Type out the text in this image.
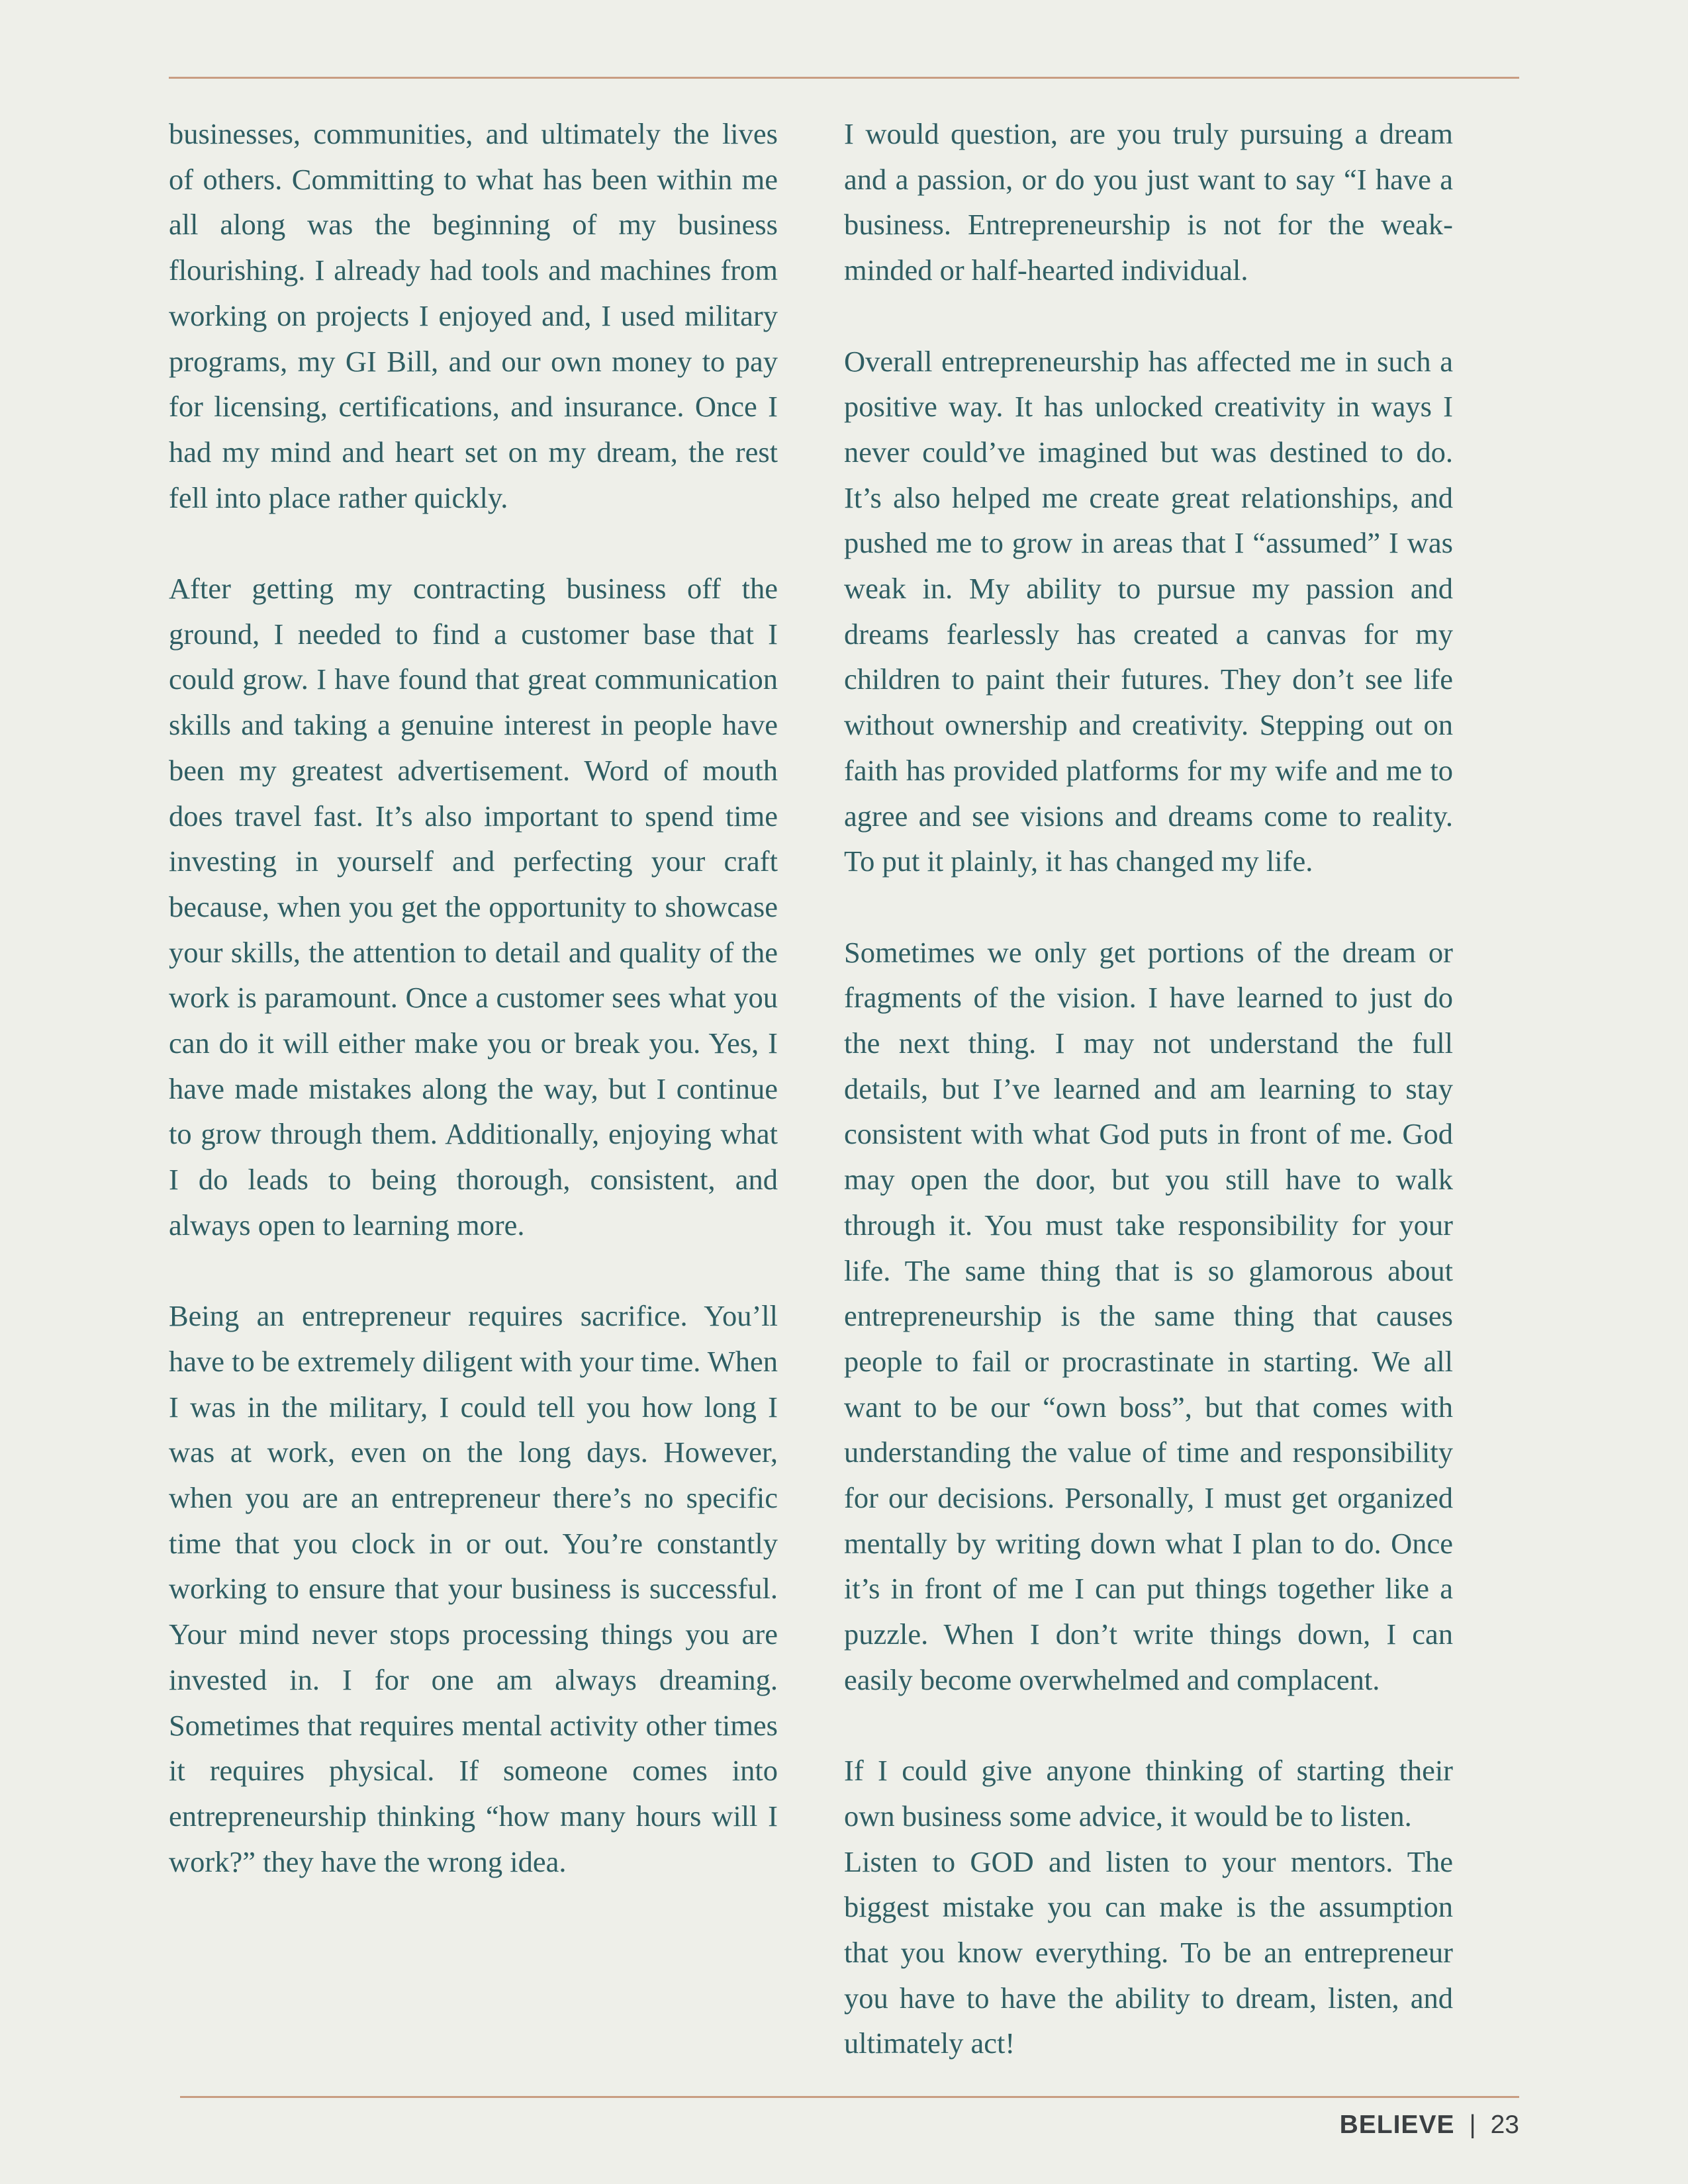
businesses, communities, and ultimately the lives of others. Committing to what has been within me all along was the beginning of my business flourishing. I already had tools and machines from working on projects I enjoyed and, I used military programs, my GI Bill, and our own money to pay for licensing, certifications, and insurance. Once I had my mind and heart set on my dream, the rest fell into place rather quickly.

After getting my contracting business off the ground, I needed to find a customer base that I could grow. I have found that great communication skills and taking a genuine interest in people have been my greatest advertisement. Word of mouth does travel fast. It’s also important to spend time investing in yourself and perfecting your craft because, when you get the opportunity to showcase your skills, the attention to detail and quality of the work is paramount. Once a customer sees what you can do it will either make you or break you. Yes, I have made mistakes along the way, but I continue to grow through them. Additionally, enjoying what I do leads to being thorough, consistent, and always open to learning more.

Being an entrepreneur requires sacrifice. You’ll have to be extremely diligent with your time. When I was in the military, I could tell you how long I was at work, even on the long days. However, when you are an entrepreneur there’s no specific time that you clock in or out. You’re constantly working to ensure that your business is successful. Your mind never stops processing things you are invested in. I for one am always dreaming. Sometimes that requires mental activity other times it requires physical. If someone comes into entrepreneurship thinking “how many hours will I work?” they have the wrong idea.

I would question, are you truly pursuing a dream and a passion, or do you just want to say “I have a business. Entrepreneurship is not for the weak-minded or half-hearted individual.

Overall entrepreneurship has affected me in such a positive way. It has unlocked creativity in ways I never could’ve imagined but was destined to do. It’s also helped me create great relationships, and pushed me to grow in areas that I “assumed” I was weak in. My ability to pursue my passion and dreams fearlessly has created a canvas for my children to paint their futures. They don’t see life without ownership and creativity. Stepping out on faith has provided platforms for my wife and me to agree and see visions and dreams come to reality. To put it plainly, it has changed my life.

Sometimes we only get portions of the dream or fragments of the vision. I have learned to just do the next thing. I may not understand the full details, but I’ve learned and am learning to stay consistent with what God puts in front of me. God may open the door, but you still have to walk through it. You must take responsibility for your life. The same thing that is so glamorous about entrepreneurship is the same thing that causes people to fail or procrastinate in starting. We all want to be our “own boss”, but that comes with understanding the value of time and responsibility for our decisions. Personally, I must get organized mentally by writing down what I plan to do. Once it’s in front of me I can put things together like a puzzle. When I don’t write things down, I can easily become overwhelmed and complacent.

If I could give anyone thinking of starting their own business some advice, it would be to listen.

Listen to GOD and listen to your mentors. The biggest mistake you can make is the assumption that you know everything. To be an entrepreneur you have to have the ability to dream, listen, and ultimately act!

BELIEVE | 23
